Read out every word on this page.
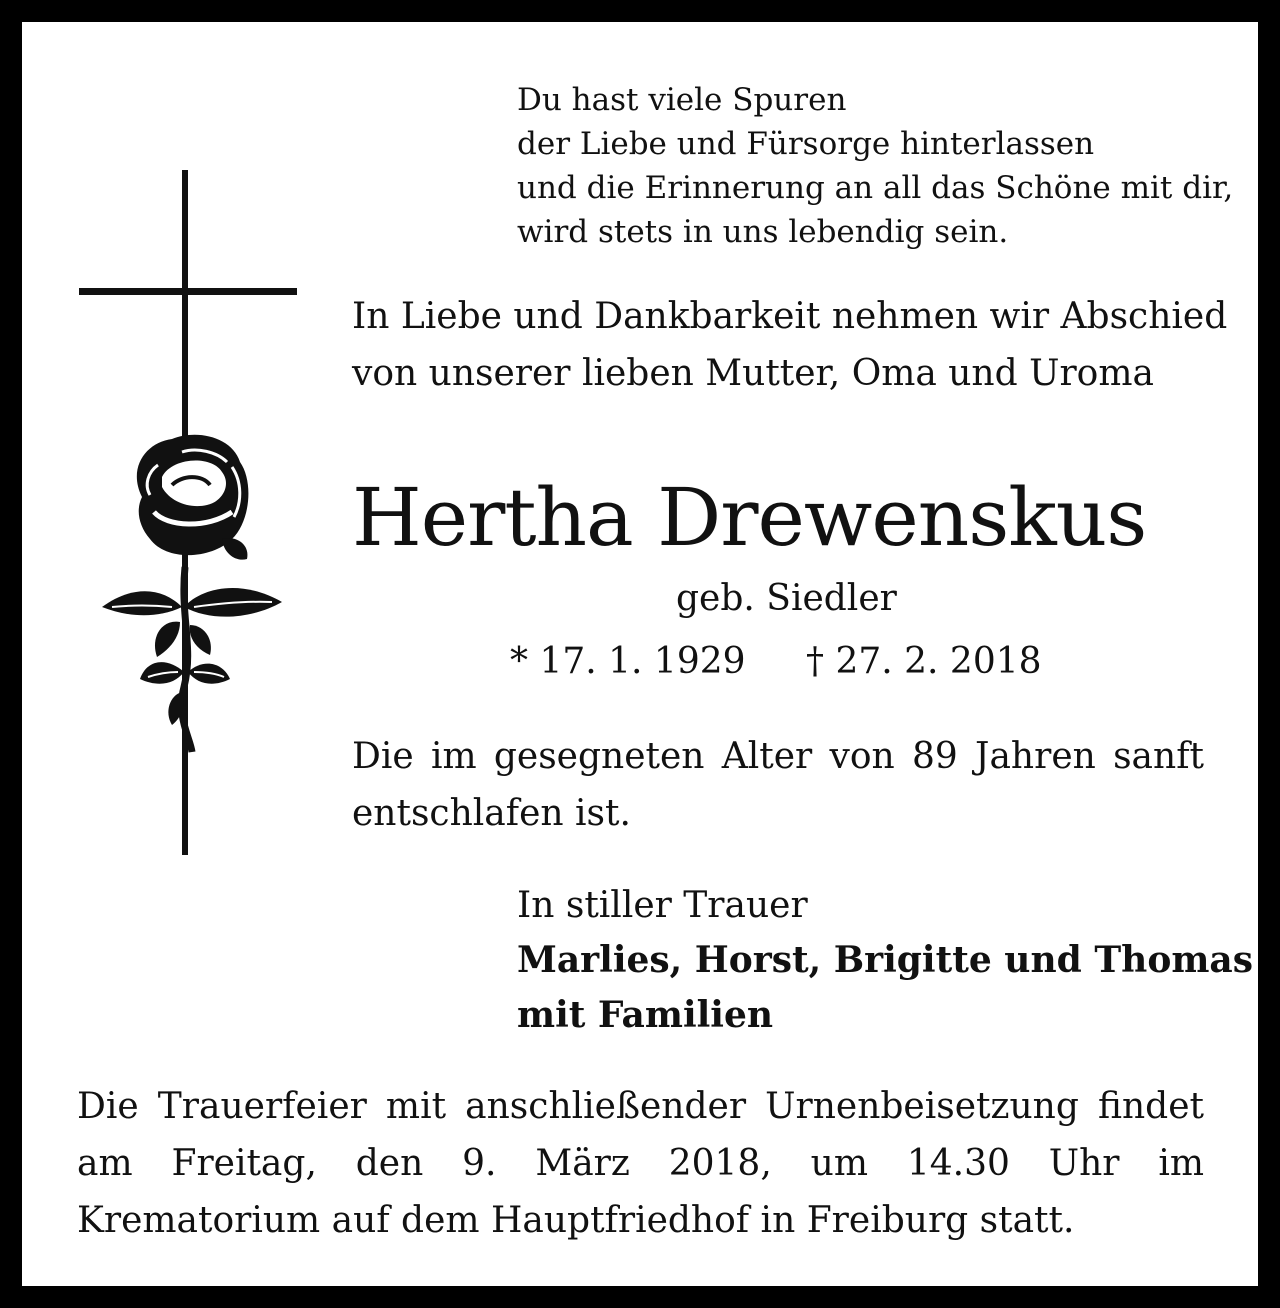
Du hast viele Spuren
der Liebe und Fürsorge hinterlassen
und die Erinnerung an all das Schöne mit dir,
wird stets in uns lebendig sein.
In Liebe und Dankbarkeit nehmen wir Abschied
von unserer lieben Mutter, Oma und Uroma
Hertha Drewenskus
geb. Siedler
* 17. 1. 1929 † 27. 2. 2018
Die im gesegneten Alter von 89 Jahren sanft entschlafen ist.
In stiller Trauer
Marlies, Horst, Brigitte und Thomas
mit Familien
Die Trauerfeier mit anschließender Urnenbeisetzung findet am Freitag, den 9. März 2018, um 14.30 Uhr im Krematorium auf dem Hauptfriedhof in Freiburg statt.
